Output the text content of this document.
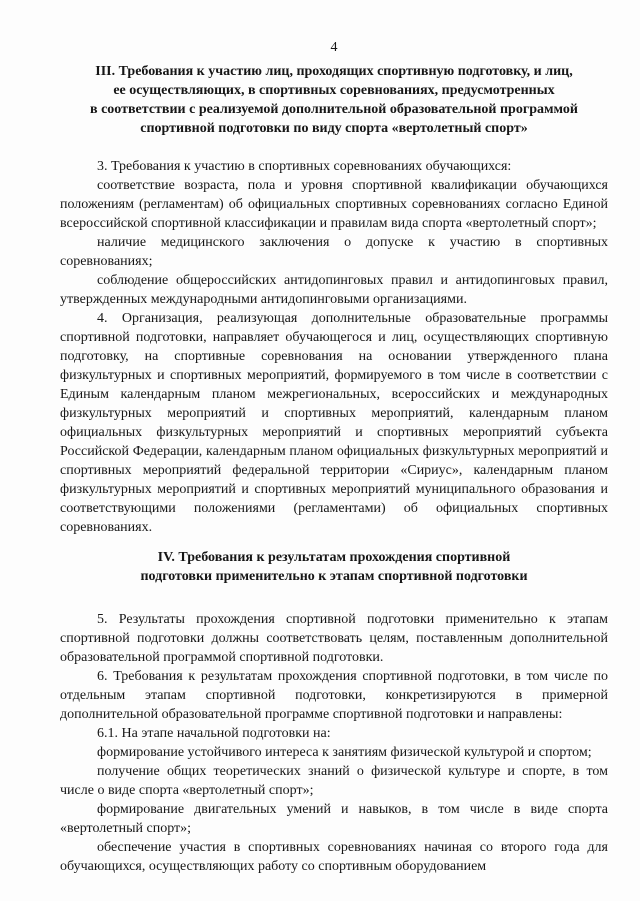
4
III. Требования к участию лиц, проходящих спортивную подготовку, и лиц,
ее осуществляющих, в спортивных соревнованиях, предусмотренных
в соответствии с реализуемой дополнительной образовательной программой
спортивной подготовки по виду спорта «вертолетный спорт»

3. Требования к участию в спортивных соревнованиях обучающихся:

соответствие возраста, пола и уровня спортивной квалификации обучающихся положениям (регламентам) об официальных спортивных соревнованиях согласно Единой всероссийской спортивной классификации и правилам вида спорта «вертолетный спорт»;

наличие медицинского заключения о допуске к участию в спортивных соревнованиях;

соблюдение общероссийских антидопинговых правил и антидопинговых правил, утвержденных международными антидопинговыми организациями.

4. Организация, реализующая дополнительные образовательные программы спортивной подготовки, направляет обучающегося и лиц, осуществляющих спортивную подготовку, на спортивные соревнования на основании утвержденного плана физкультурных и спортивных мероприятий, формируемого в том числе в соответствии с Единым календарным планом межрегиональных, всероссийских и международных физкультурных мероприятий и спортивных мероприятий, календарным планом официальных физкультурных мероприятий и спортивных мероприятий субъекта Российской Федерации, календарным планом официальных физкультурных мероприятий и спортивных мероприятий федеральной территории «Сириус», календарным планом физкультурных мероприятий и спортивных мероприятий муниципального образования и соответствующими положениями (регламентами) об официальных спортивных соревнованиях.

IV. Требования к результатам прохождения спортивной
подготовки применительно к этапам спортивной подготовки

5. Результаты прохождения спортивной подготовки применительно к этапам спортивной подготовки должны соответствовать целям, поставленным дополнительной образовательной программой спортивной подготовки.

6. Требования к результатам прохождения спортивной подготовки, в том числе по отдельным этапам спортивной подготовки, конкретизируются в примерной дополнительной образовательной программе спортивной подготовки и направлены:

6.1. На этапе начальной подготовки на:

формирование устойчивого интереса к занятиям физической культурой и спортом;

получение общих теоретических знаний о физической культуре и спорте, в том числе о виде спорта «вертолетный спорт»;

формирование двигательных умений и навыков, в том числе в виде спорта «вертолетный спорт»;

обеспечение участия в спортивных соревнованиях начиная со второго года для обучающихся, осуществляющих работу со спортивным оборудованием
